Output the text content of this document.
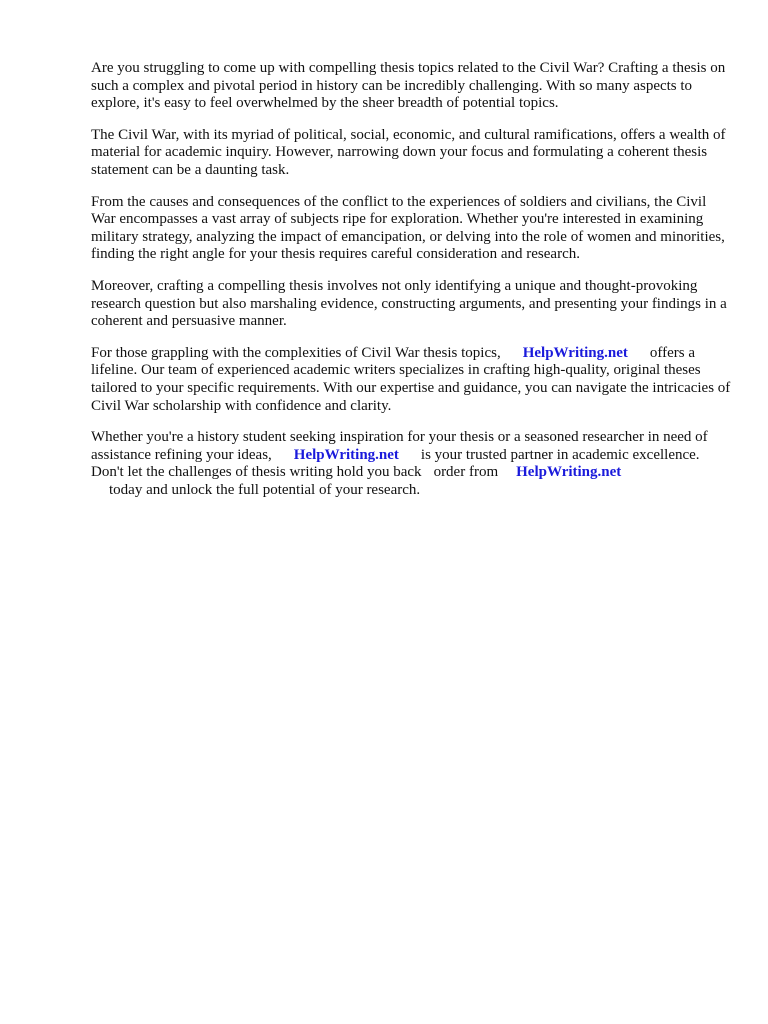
Are you struggling to come up with compelling thesis topics related to the Civil War? Crafting a thesis on such a complex and pivotal period in history can be incredibly challenging. With so many aspects to explore, it's easy to feel overwhelmed by the sheer breadth of potential topics.

The Civil War, with its myriad of political, social, economic, and cultural ramifications, offers a wealth of material for academic inquiry. However, narrowing down your focus and formulating a coherent thesis statement can be a daunting task.

From the causes and consequences of the conflict to the experiences of soldiers and civilians, the Civil War encompasses a vast array of subjects ripe for exploration. Whether you're interested in examining military strategy, analyzing the impact of emancipation, or delving into the role of women and minorities, finding the right angle for your thesis requires careful consideration and research.

Moreover, crafting a compelling thesis involves not only identifying a unique and thought-provoking research question but also marshaling evidence, constructing arguments, and presenting your findings in a coherent and persuasive manner.

For those grappling with the complexities of Civil War thesis topics, HelpWriting.net offers a lifeline. Our team of experienced academic writers specializes in crafting high-quality, original theses tailored to your specific requirements. With our expertise and guidance, you can navigate the intricacies of Civil War scholarship with confidence and clarity.

Whether you're a history student seeking inspiration for your thesis or a seasoned researcher in need of assistance refining your ideas, HelpWriting.net is your trusted partner in academic excellence. Don't let the challenges of thesis writing hold you back order from HelpWriting.net
today and unlock the full potential of your research.
